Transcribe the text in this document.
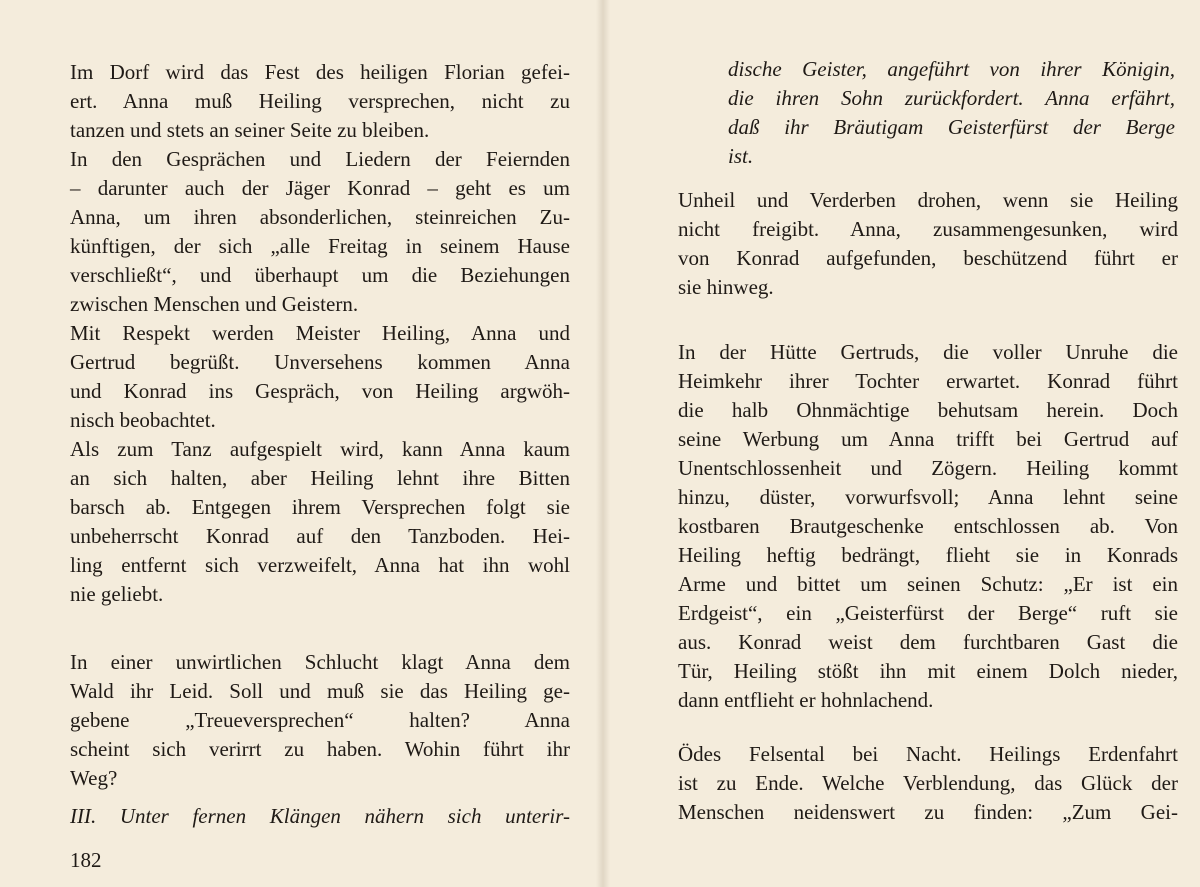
Im Dorf wird das Fest des heiligen Florian gefei-
ert. Anna muß Heiling versprechen, nicht zu
tanzen und stets an seiner Seite zu bleiben.

In den Gesprächen und Liedern der Feiernden
– darunter auch der Jäger Konrad – geht es um
Anna, um ihren absonderlichen, steinreichen Zu-
künftigen, der sich „alle Freitag in seinem Hause
verschließt“, und überhaupt um die Beziehungen
zwischen Menschen und Geistern.

Mit Respekt werden Meister Heiling, Anna und
Gertrud begrüßt. Unversehens kommen Anna
und Konrad ins Gespräch, von Heiling argwöh-
nisch beobachtet.

Als zum Tanz aufgespielt wird, kann Anna kaum
an sich halten, aber Heiling lehnt ihre Bitten
barsch ab. Entgegen ihrem Versprechen folgt sie
unbeherrscht Konrad auf den Tanzboden. Hei-
ling entfernt sich verzweifelt, Anna hat ihn wohl
nie geliebt.

In einer unwirtlichen Schlucht klagt Anna dem
Wald ihr Leid. Soll und muß sie das Heiling ge-
gebene „Treueversprechen“ halten? Anna
scheint sich verirrt zu haben. Wohin führt ihr
Weg?

III. Unter fernen Klängen nähern sich unterir-

182

dische Geister, angeführt von ihrer Königin,
die ihren Sohn zurückfordert. Anna erfährt,
daß ihr Bräutigam Geisterfürst der Berge
ist.

Unheil und Verderben drohen, wenn sie Heiling
nicht freigibt. Anna, zusammengesunken, wird
von Konrad aufgefunden, beschützend führt er
sie hinweg.

In der Hütte Gertruds, die voller Unruhe die
Heimkehr ihrer Tochter erwartet. Konrad führt
die halb Ohnmächtige behutsam herein. Doch
seine Werbung um Anna trifft bei Gertrud auf
Unentschlossenheit und Zögern. Heiling kommt
hinzu, düster, vorwurfsvoll; Anna lehnt seine
kostbaren Brautgeschenke entschlossen ab. Von
Heiling heftig bedrängt, flieht sie in Konrads
Arme und bittet um seinen Schutz: „Er ist ein
Erdgeist“, ein „Geisterfürst der Berge“ ruft sie
aus. Konrad weist dem furchtbaren Gast die
Tür, Heiling stößt ihn mit einem Dolch nieder,
dann entflieht er hohnlachend.

Ödes Felsental bei Nacht. Heilings Erdenfahrt
ist zu Ende. Welche Verblendung, das Glück der
Menschen neidenswert zu finden: „Zum Gei-
